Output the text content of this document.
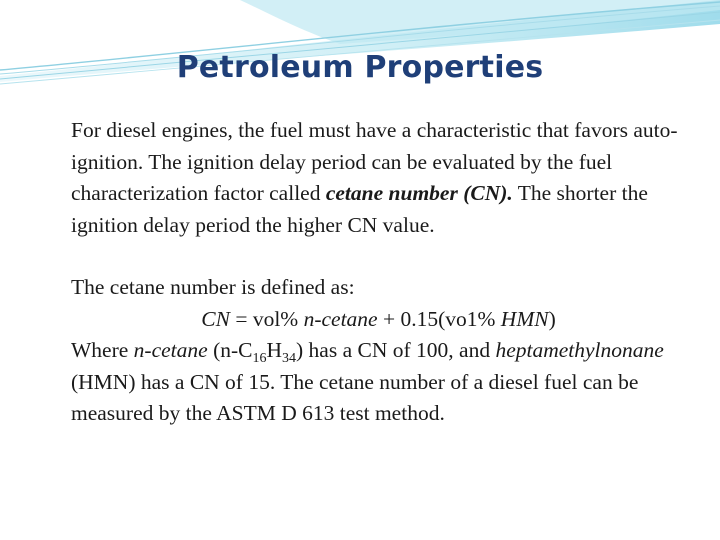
Petroleum Properties

For diesel engines, the fuel must have a characteristic that favors auto-ignition. The ignition delay period can be evaluated by the fuel characterization factor called cetane number (CN). The shorter the ignition delay period the higher CN value.

The cetane number is defined as:
CN = vol% n-cetane + 0.15(vo1% HMN)
Where n-cetane $(n-C_{16}H_{34})$ has a CN of 100, and heptamethylnonane (HMN) has a CN of 15. The cetane number of a diesel fuel can be measured by the ASTM D 613 test method.
